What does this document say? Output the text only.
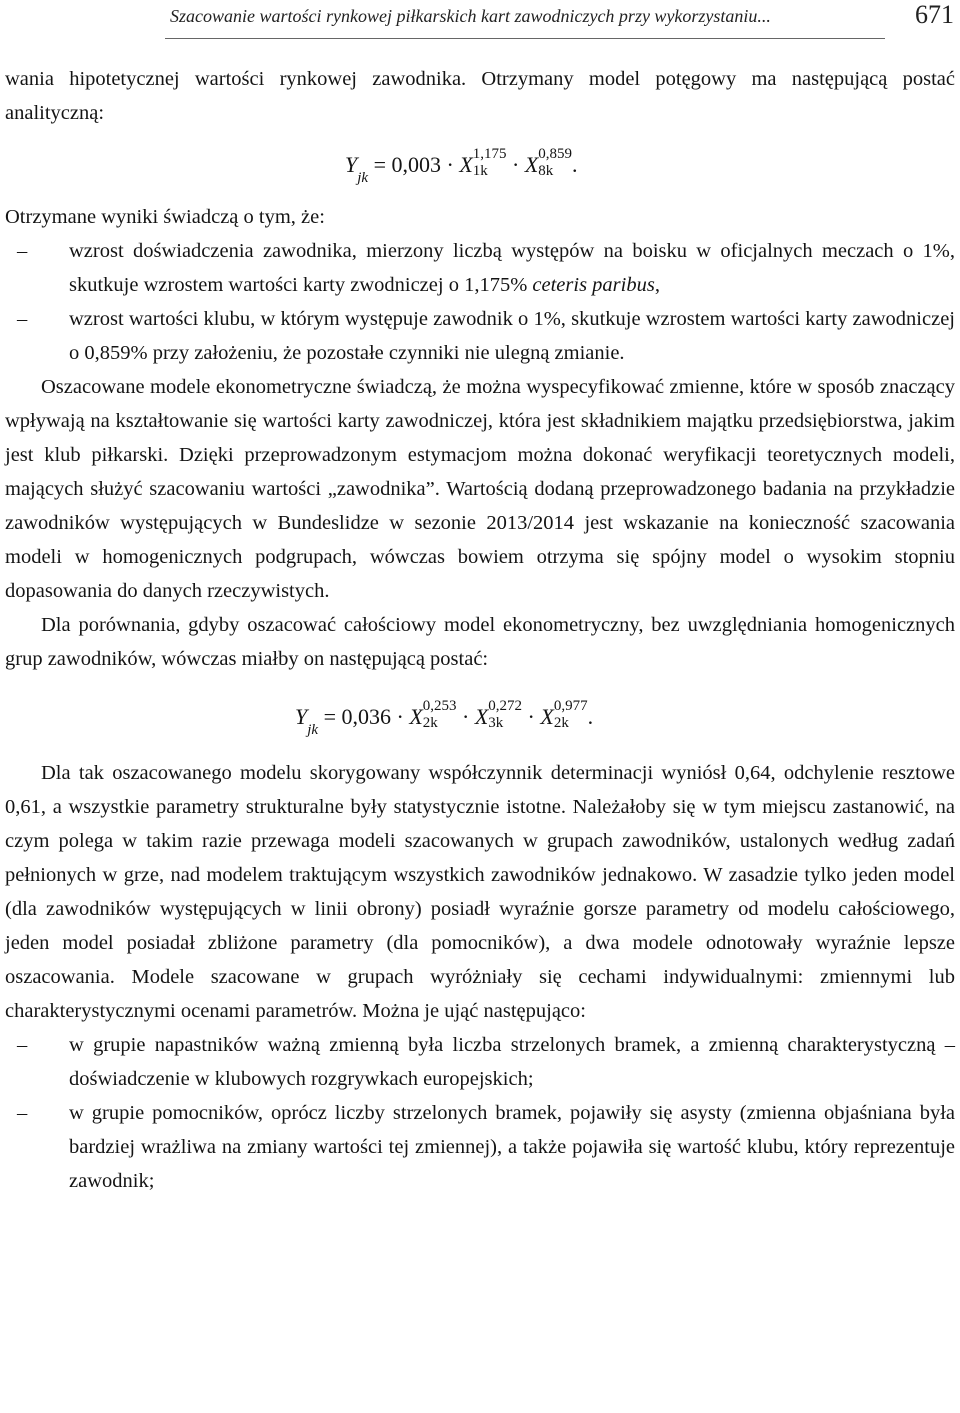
Szacowanie wartości rynkowej piłkarskich kart zawodniczych przy wykorzystaniu...	671

wania hipotetycznej wartości rynkowej zawodnika. Otrzymany model potęgowy ma następującą postać analityczną:

$Y_{jk} = 0,003 \cdot X^{1,175}$
1k · X$^{0,859}$
8k .

Otrzymane wyniki świadczą o tym, że:

– wzrost doświadczenia zawodnika, mierzony liczbą występów na boisku w oficjalnych meczach o 1%, skutkuje wzrostem wartości karty zwodniczej o 1,175% ceteris paribus,
– wzrost wartości klubu, w którym występuje zawodnik o 1%, skutkuje wzrostem wartości karty zawodniczej o 0,859% przy założeniu, że pozostałe czynniki nie ulegną zmianie.

Oszacowane modele ekonometryczne świadczą, że można wyspecyfikować zmienne, które w sposób znaczący wpływają na kształtowanie się wartości karty zawodniczej, która jest składnikiem majątku przedsiębiorstwa, jakim jest klub piłkarski. Dzięki przeprowadzonym estymacjom można dokonać weryfikacji teoretycznych modeli, mających służyć szacowaniu wartości „zawodnika”. Wartością dodaną przeprowadzonego badania na przykładzie zawodników występujących w Bundeslidze w sezonie 2013/2014 jest wskazanie na konieczność szacowania modeli w homogenicznych podgrupach, wówczas bowiem otrzyma się spójny model o wysokim stopniu dopasowania do danych rzeczywistych.

Dla porównania, gdyby oszacować całościowy model ekonometryczny, bez uwzględniania homogenicznych grup zawodników, wówczas miałby on następującą postać:

$Y_{jk} = 0,036 \cdot X^{0,253}$
2k · X$^{0,272}$
3k · X$^{0,977}$
2k .

Dla tak oszacowanego modelu skorygowany współczynnik determinacji wyniósł 0,64, odchylenie resztowe 0,61, a wszystkie parametry strukturalne były statystycznie istotne. Należałoby się w tym miejscu zastanowić, na czym polega w takim razie przewaga modeli szacowanych w grupach zawodników, ustalonych według zadań pełnionych w grze, nad modelem traktującym wszystkich zawodników jednakowo. W zasadzie tylko jeden model (dla zawodników występujących w linii obrony) posiadł wyraźnie gorsze parametry od modelu całościowego, jeden model posiadał zbliżone parametry (dla pomocników), a dwa modele odnotowały wyraźnie lepsze oszacowania. Modele szacowane w grupach wyróżniały się cechami indywidualnymi: zmiennymi lub charakterystycznymi ocenami parametrów. Można je ująć następująco:

– w grupie napastników ważną zmienną była liczba strzelonych bramek, a zmienną charakterystyczną – doświadczenie w klubowych rozgrywkach europejskich;
– w grupie pomocników, oprócz liczby strzelonych bramek, pojawiły się asysty (zmienna objaśniana była bardziej wrażliwa na zmiany wartości tej zmiennej), a także pojawiła się wartość klubu, który reprezentuje zawodnik;
